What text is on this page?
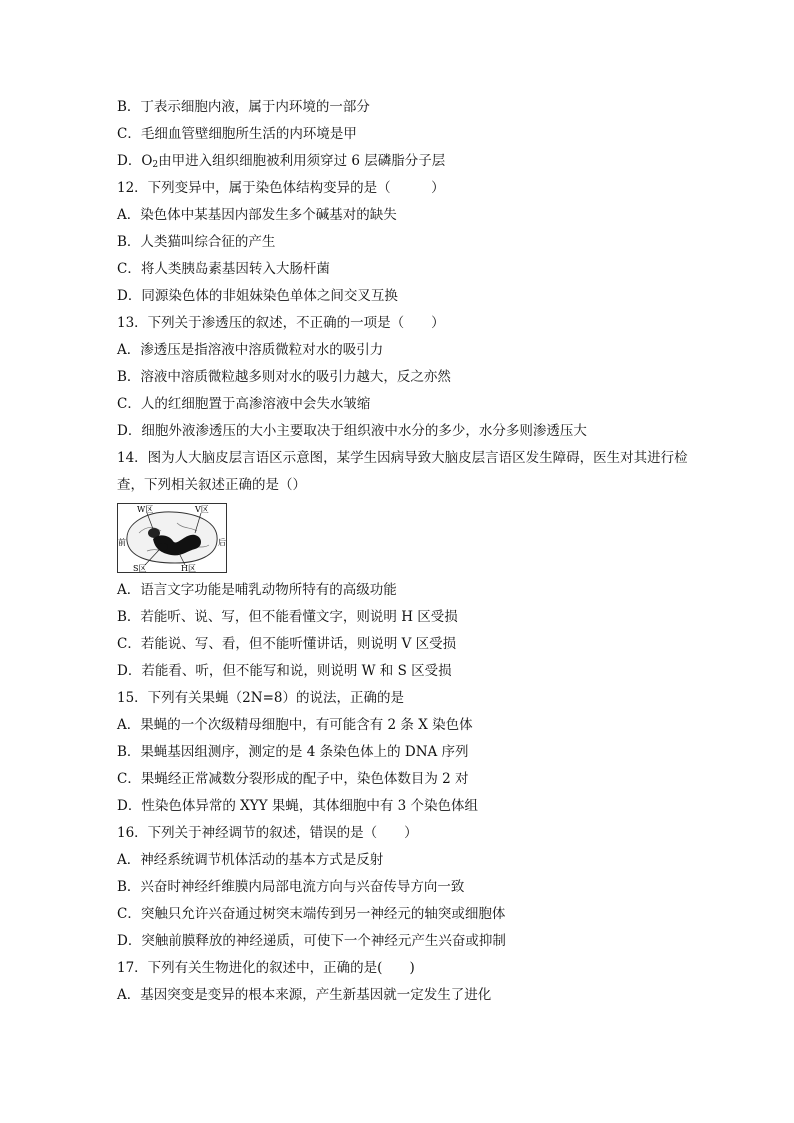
B．丁表示细胞内液，属于内环境的一部分
C．毛细血管壁细胞所生活的内环境是甲
D．$O_2$由甲进入组织细胞被利用须穿过 6 层磷脂分子层
12．下列变异中，属于染色体结构变异的是（　　　）
A．染色体中某基因内部发生多个碱基对的缺失
B．人类猫叫综合征的产生
C．将人类胰岛素基因转入大肠杆菌
D．同源染色体的非姐妹染色单体之间交叉互换
13．下列关于渗透压的叙述，不正确的一项是（　　）
A．渗透压是指溶液中溶质微粒对水的吸引力
B．溶液中溶质微粒越多则对水的吸引力越大，反之亦然
C．人的红细胞置于高渗溶液中会失水皱缩
D．细胞外液渗透压的大小主要取决于组织液中水分的多少，水分多则渗透压大
14．图为人大脑皮层言语区示意图，某学生因病导致大脑皮层言语区发生障碍，医生对其进行检查，下列相关叙述正确的是（）
W区	V区
前	后
S区	H区
A．语言文字功能是哺乳动物所特有的高级功能
B．若能听、说、写，但不能看懂文字，则说明 H 区受损
C．若能说、写、看，但不能听懂讲话，则说明 V 区受损
D．若能看、听，但不能写和说，则说明 W 和 S 区受损
15．下列有关果蝇（2N=8）的说法，正确的是
A．果蝇的一个次级精母细胞中，有可能含有 2 条 X 染色体
B．果蝇基因组测序，测定的是 4 条染色体上的 DNA 序列
C．果蝇经正常减数分裂形成的配子中，染色体数目为 2 对
D．性染色体异常的 XYY 果蝇，其体细胞中有 3 个染色体组
16．下列关于神经调节的叙述，错误的是（　　）
A．神经系统调节机体活动的基本方式是反射
B．兴奋时神经纤维膜内局部电流方向与兴奋传导方向一致
C．突触只允许兴奋通过树突末端传到另一神经元的轴突或细胞体
D．突触前膜释放的神经递质，可使下一个神经元产生兴奋或抑制
17．下列有关生物进化的叙述中，正确的是(　　)
A．基因突变是变异的根本来源，产生新基因就一定发生了进化
